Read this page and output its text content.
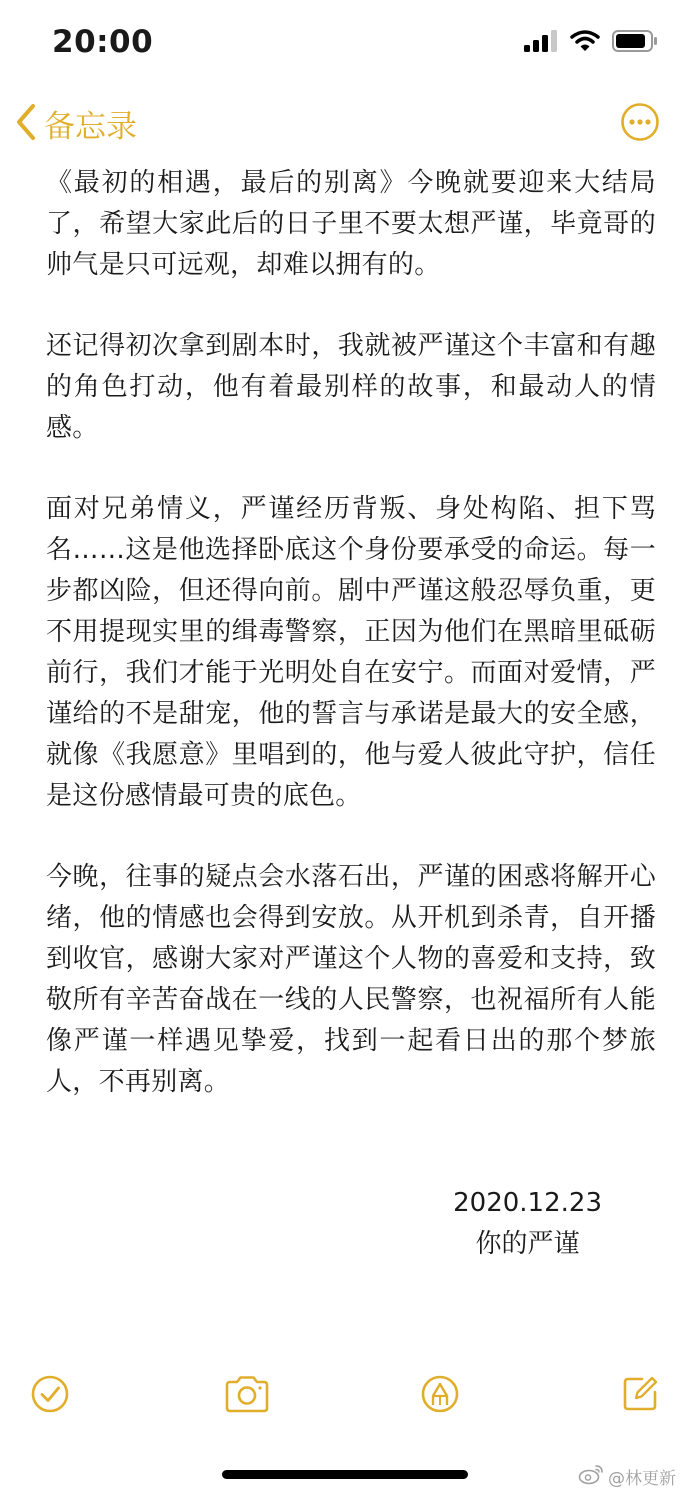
20:00
备忘录

《最初的相遇，最后的别离》今晚就要迎来大结局了，希望大家此后的日子里不要太想严谨，毕竟哥的帅气是只可远观，却难以拥有的。

还记得初次拿到剧本时，我就被严谨这个丰富和有趣的角色打动，他有着最别样的故事，和最动人的情感。

面对兄弟情义，严谨经历背叛、身处构陷、担下骂名……这是他选择卧底这个身份要承受的命运。每一步都凶险，但还得向前。剧中严谨这般忍辱负重，更不用提现实里的缉毒警察，正因为他们在黑暗里砥砺前行，我们才能于光明处自在安宁。而面对爱情，严谨给的不是甜宠，他的誓言与承诺是最大的安全感，就像《我愿意》里唱到的，他与爱人彼此守护，信任是这份感情最可贵的底色。

今晚，往事的疑点会水落石出，严谨的困惑将解开心绪，他的情感也会得到安放。从开机到杀青，自开播到收官，感谢大家对严谨这个人物的喜爱和支持，致敬所有辛苦奋战在一线的人民警察，也祝福所有人能像严谨一样遇见挚爱，找到一起看日出的那个梦旅人，不再别离。

2020.12.23
你的严谨
@林更新
